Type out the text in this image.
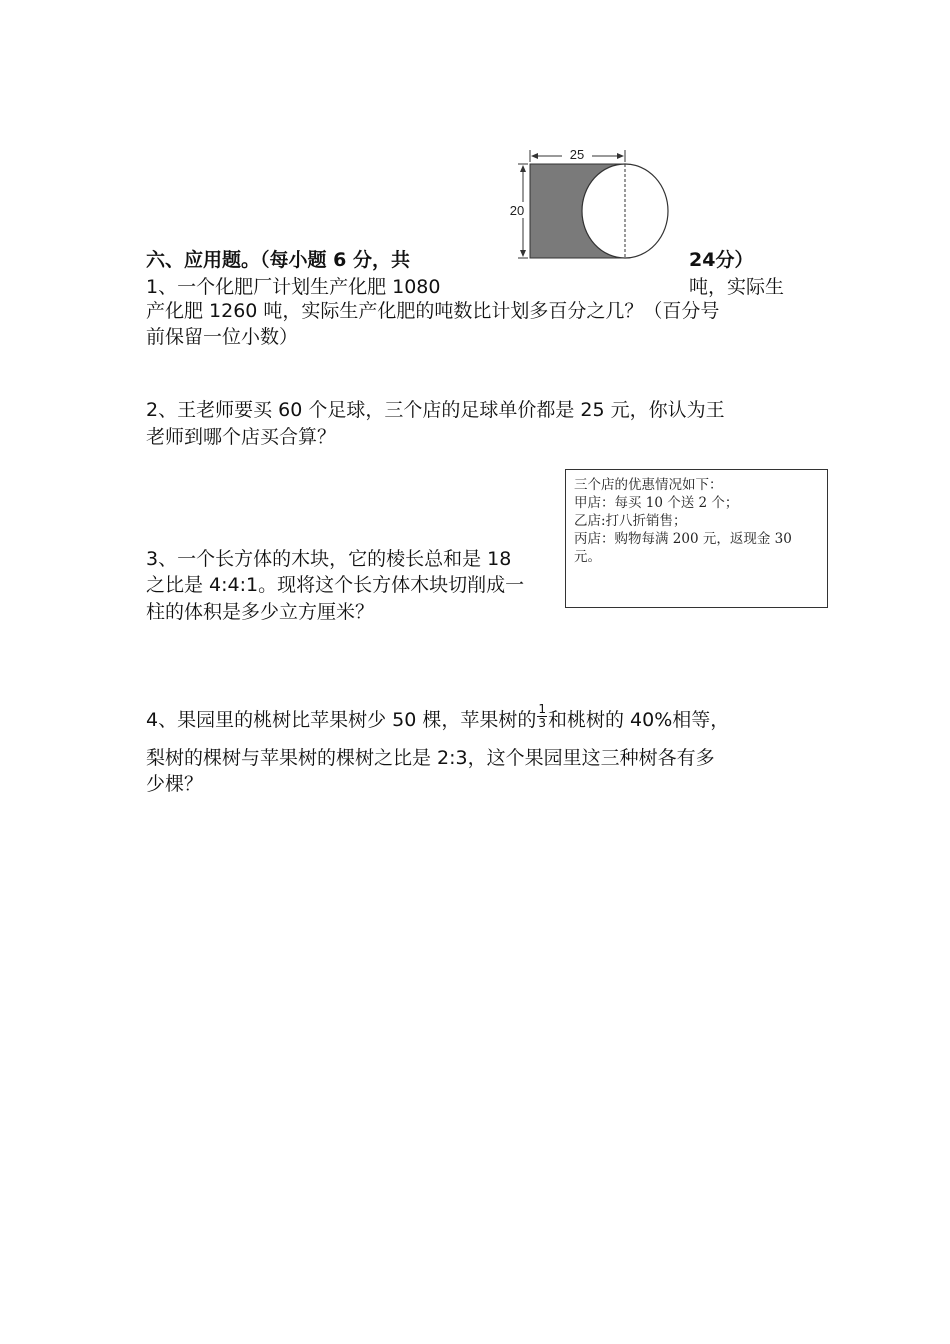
25
20
六、应用题。（每小题 6 分，共	24分）
1、一个化肥厂计划生产化肥 1080	吨，实际生
产化肥 1260 吨，实际生产化肥的吨数比计划多百分之几？（百分号
前保留一位小数）
2、王老师要买 60 个足球，三个店的足球单价都是 25 元，你认为王
老师到哪个店买合算？
3、一个长方体的木块，它的棱长总和是 18
之比是 4:4:1。现将这个长方体木块切削成一
柱的体积是多少立方厘米？
三个店的优惠情况如下：
甲店：每买 10 个送 2 个；
乙店:打八折销售；
丙店：购物每满 200 元，返现金 30 元。
4、果园里的桃树比苹果树少 50 棵，苹果树的 $\frac{1}{3}$ 和桃树的 40%相等，
梨树的棵树与苹果树的棵树之比是 2:3，这个果园里这三种树各有多
少棵？
